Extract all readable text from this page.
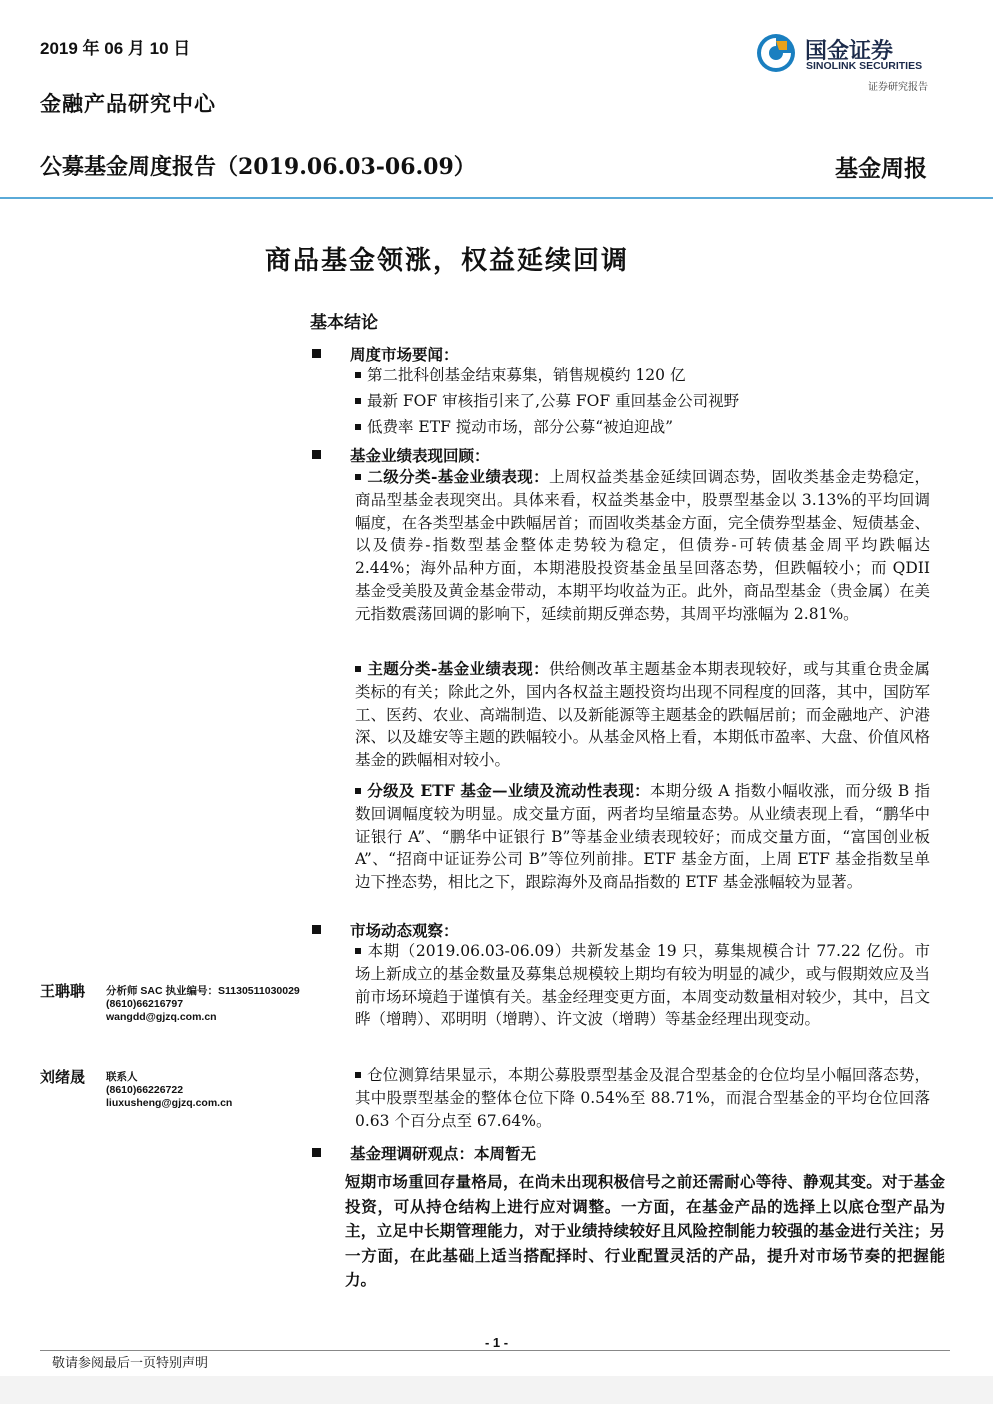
2019 年 06 月 10 日
金融产品研究中心
国金证券
SINOLINK SECURITIES
证券研究报告
公募基金周度报告（2019.06.03-06.09）	基金周报
商品基金领涨，权益延续回调
基本结论
周度市场要闻：
第二批科创基金结束募集，销售规模约 120 亿
最新 FOF 审核指引来了,公募 FOF 重回基金公司视野
低费率 ETF 搅动市场，部分公募“被迫迎战”
基金业绩表现回顾：
二级分类-基金业绩表现：上周权益类基金延续回调态势，固收类基金走势稳定，商品型基金表现突出。具体来看，权益类基金中，股票型基金以 3.13%的平均回调幅度，在各类型基金中跌幅居首；而固收类基金方面，完全债券型基金、短债基金、以及债券-指数型基金整体走势较为稳定，但债券-可转债基金周平均跌幅达 2.44%；海外品种方面，本期港股投资基金虽呈回落态势，但跌幅较小；而 QDII 基金受美股及黄金基金带动，本期平均收益为正。此外，商品型基金（贵金属）在美元指数震荡回调的影响下，延续前期反弹态势，其周平均涨幅为 2.81%。
主题分类-基金业绩表现：供给侧改革主题基金本期表现较好，或与其重仓贵金属类标的有关；除此之外，国内各权益主题投资均出现不同程度的回落，其中，国防军工、医药、农业、高端制造、以及新能源等主题基金的跌幅居前；而金融地产、沪港深、以及雄安等主题的跌幅较小。从基金风格上看，本期低市盈率、大盘、价值风格基金的跌幅相对较小。
分级及 ETF 基金—业绩及流动性表现：本期分级 A 指数小幅收涨，而分级 B 指数回调幅度较为明显。成交量方面，两者均呈缩量态势。从业绩表现上看，“鹏华中证银行 A”、“鹏华中证银行 B”等基金业绩表现较好；而成交量方面，“富国创业板 A”、“招商中证证券公司 B”等位列前排。ETF 基金方面，上周 ETF 基金指数呈单边下挫态势，相比之下，跟踪海外及商品指数的 ETF 基金涨幅较为显著。
市场动态观察：
本期（2019.06.03-06.09）共新发基金 19 只，募集规模合计 77.22 亿份。市场上新成立的基金数量及募集总规模较上期均有较为明显的减少，或与假期效应及当前市场环境趋于谨慎有关。基金经理变更方面，本周变动数量相对较少，其中，吕文晔（增聘）、邓明明（增聘）、许文波（增聘）等基金经理出现变动。
仓位测算结果显示，本期公募股票型基金及混合型基金的仓位均呈小幅回落态势，其中股票型基金的整体仓位下降 0.54%至 88.71%，而混合型基金的平均仓位回落 0.63 个百分点至 67.64%。
王聃聃 分析师 SAC 执业编号：S1130511030029
(8610)66216797
wangdd@gjzq.com.cn
刘绪晟 联系人
(8610)66226722
liuxusheng@gjzq.com.cn
基金理调研观点：本周暂无
短期市场重回存量格局，在尚未出现积极信号之前还需耐心等待、静观其变。对于基金投资，可从持仓结构上进行应对调整。一方面，在基金产品的选择上以底仓型产品为主，立足中长期管理能力，对于业绩持续较好且风险控制能力较强的基金进行关注；另一方面，在此基础上适当搭配择时、行业配置灵活的产品，提升对市场节奏的把握能力。
- 1 -
敬请参阅最后一页特别声明
